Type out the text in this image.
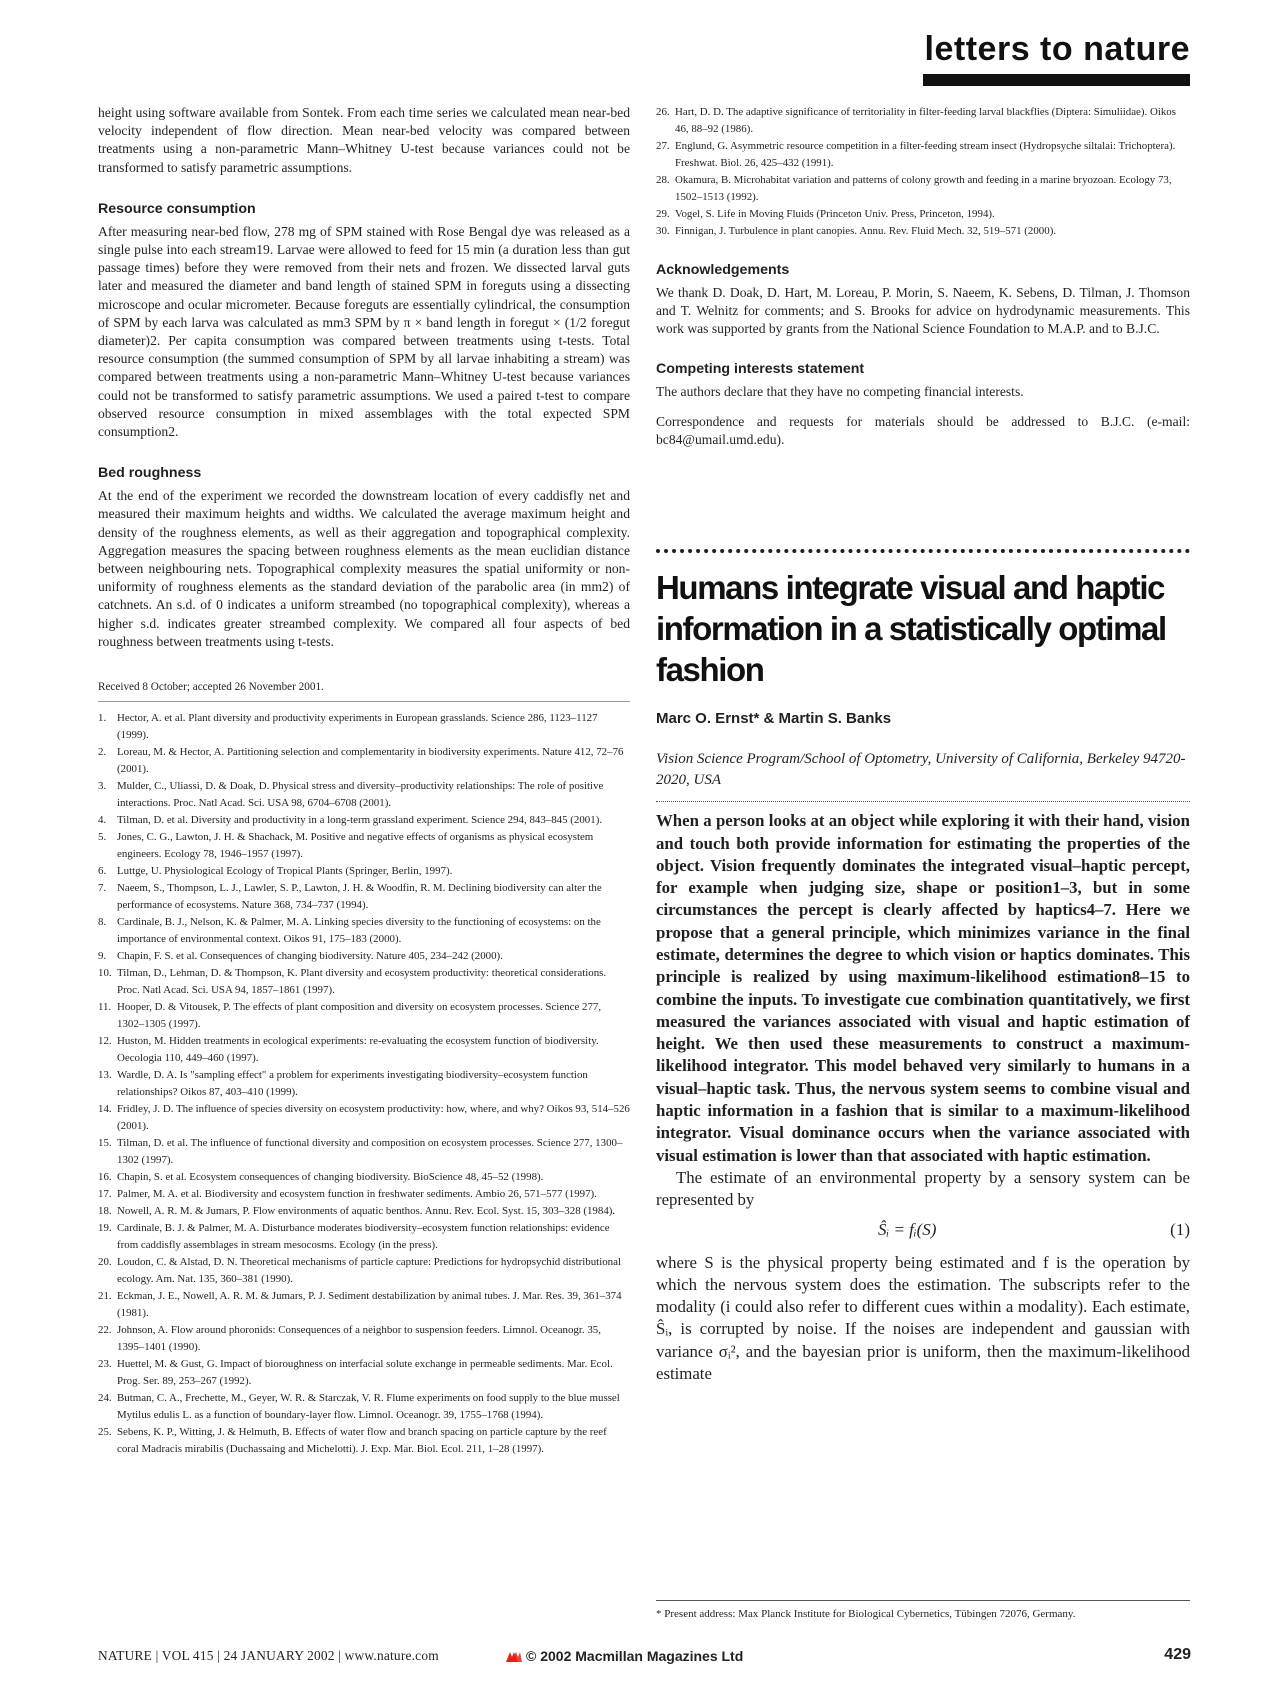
letters to nature

height using software available from Sontek. From each time series we calculated mean near-bed velocity independent of flow direction. Mean near-bed velocity was compared between treatments using a non-parametric Mann–Whitney U-test because variances could not be transformed to satisfy parametric assumptions.

Resource consumption

After measuring near-bed flow, 278 mg of SPM stained with Rose Bengal dye was released as a single pulse into each stream19. Larvae were allowed to feed for 15 min (a duration less than gut passage times) before they were removed from their nets and frozen. We dissected larval guts later and measured the diameter and band length of stained SPM in foreguts using a dissecting microscope and ocular micrometer. Because foreguts are essentially cylindrical, the consumption of SPM by each larva was calculated as mm3 SPM by π × band length in foregut × (1/2 foregut diameter)2. Per capita consumption was compared between treatments using t-tests. Total resource consumption (the summed consumption of SPM by all larvae inhabiting a stream) was compared between treatments using a non-parametric Mann–Whitney U-test because variances could not be transformed to satisfy parametric assumptions. We used a paired t-test to compare observed resource consumption in mixed assemblages with the total expected SPM consumption2.

Bed roughness

At the end of the experiment we recorded the downstream location of every caddisfly net and measured their maximum heights and widths. We calculated the average maximum height and density of the roughness elements, as well as their aggregation and topographical complexity. Aggregation measures the spacing between roughness elements as the mean euclidian distance between neighbouring nets. Topographical complexity measures the spatial uniformity or non-uniformity of roughness elements as the standard deviation of the parabolic area (in mm2) of catchnets. An s.d. of 0 indicates a uniform streambed (no topographical complexity), whereas a higher s.d. indicates greater streambed complexity. We compared all four aspects of bed roughness between treatments using t-tests.

Received 8 October; accepted 26 November 2001.

1. Hector, A. et al. Plant diversity and productivity experiments in European grasslands. Science 286, 1123–1127 (1999).
2. Loreau, M. & Hector, A. Partitioning selection and complementarity in biodiversity experiments. Nature 412, 72–76 (2001).
3. Mulder, C., Uliassi, D. & Doak, D. Physical stress and diversity–productivity relationships: The role of positive interactions. Proc. Natl Acad. Sci. USA 98, 6704–6708 (2001).
4. Tilman, D. et al. Diversity and productivity in a long-term grassland experiment. Science 294, 843–845 (2001).
5. Jones, C. G., Lawton, J. H. & Shachack, M. Positive and negative effects of organisms as physical ecosystem engineers. Ecology 78, 1946–1957 (1997).
6. Luttge, U. Physiological Ecology of Tropical Plants (Springer, Berlin, 1997).
7. Naeem, S., Thompson, L. J., Lawler, S. P., Lawton, J. H. & Woodfin, R. M. Declining biodiversity can alter the performance of ecosystems. Nature 368, 734–737 (1994).
8. Cardinale, B. J., Nelson, K. & Palmer, M. A. Linking species diversity to the functioning of ecosystems: on the importance of environmental context. Oikos 91, 175–183 (2000).
9. Chapin, F. S. et al. Consequences of changing biodiversity. Nature 405, 234–242 (2000).
10. Tilman, D., Lehman, D. & Thompson, K. Plant diversity and ecosystem productivity: theoretical considerations. Proc. Natl Acad. Sci. USA 94, 1857–1861 (1997).
11. Hooper, D. & Vitousek, P. The effects of plant composition and diversity on ecosystem processes. Science 277, 1302–1305 (1997).
12. Huston, M. Hidden treatments in ecological experiments: re-evaluating the ecosystem function of biodiversity. Oecologia 110, 449–460 (1997).
13. Wardle, D. A. Is "sampling effect" a problem for experiments investigating biodiversity–ecosystem function relationships? Oikos 87, 403–410 (1999).
14. Fridley, J. D. The influence of species diversity on ecosystem productivity: how, where, and why? Oikos 93, 514–526 (2001).
15. Tilman, D. et al. The influence of functional diversity and composition on ecosystem processes. Science 277, 1300–1302 (1997).
16. Chapin, S. et al. Ecosystem consequences of changing biodiversity. BioScience 48, 45–52 (1998).
17. Palmer, M. A. et al. Biodiversity and ecosystem function in freshwater sediments. Ambio 26, 571–577 (1997).
18. Nowell, A. R. M. & Jumars, P. Flow environments of aquatic benthos. Annu. Rev. Ecol. Syst. 15, 303–328 (1984).
19. Cardinale, B. J. & Palmer, M. A. Disturbance moderates biodiversity–ecosystem function relationships: evidence from caddisfly assemblages in stream mesocosms. Ecology (in the press).
20. Loudon, C. & Alstad, D. N. Theoretical mechanisms of particle capture: Predictions for hydropsychid distributional ecology. Am. Nat. 135, 360–381 (1990).
21. Eckman, J. E., Nowell, A. R. M. & Jumars, P. J. Sediment destabilization by animal tubes. J. Mar. Res. 39, 361–374 (1981).
22. Johnson, A. Flow around phoronids: Consequences of a neighbor to suspension feeders. Limnol. Oceanogr. 35, 1395–1401 (1990).
23. Huettel, M. & Gust, G. Impact of bioroughness on interfacial solute exchange in permeable sediments. Mar. Ecol. Prog. Ser. 89, 253–267 (1992).
24. Butman, C. A., Frechette, M., Geyer, W. R. & Starczak, V. R. Flume experiments on food supply to the blue mussel Mytilus edulis L. as a function of boundary-layer flow. Limnol. Oceanogr. 39, 1755–1768 (1994).
25. Sebens, K. P., Witting, J. & Helmuth, B. Effects of water flow and branch spacing on particle capture by the reef coral Madracis mirabilis (Duchassaing and Michelotti). J. Exp. Mar. Biol. Ecol. 211, 1–28 (1997).
26. Hart, D. D. The adaptive significance of territoriality in filter-feeding larval blackflies (Diptera: Simuliidae). Oikos 46, 88–92 (1986).
27. Englund, G. Asymmetric resource competition in a filter-feeding stream insect (Hydropsyche siltalai: Trichoptera). Freshwat. Biol. 26, 425–432 (1991).
28. Okamura, B. Microhabitat variation and patterns of colony growth and feeding in a marine bryozoan. Ecology 73, 1502–1513 (1992).
29. Vogel, S. Life in Moving Fluids (Princeton Univ. Press, Princeton, 1994).
30. Finnigan, J. Turbulence in plant canopies. Annu. Rev. Fluid Mech. 32, 519–571 (2000).
Acknowledgements

We thank D. Doak, D. Hart, M. Loreau, P. Morin, S. Naeem, K. Sebens, D. Tilman, J. Thomson and T. Welnitz for comments; and S. Brooks for advice on hydrodynamic measurements. This work was supported by grants from the National Science Foundation to M.A.P. and to B.J.C.

Competing interests statement

The authors declare that they have no competing financial interests.

Correspondence and requests for materials should be addressed to B.J.C. (e-mail: bc84@umail.umd.edu).

Humans integrate visual and haptic information in a statistically optimal fashion

Marc O. Ernst* & Martin S. Banks

Vision Science Program/School of Optometry, University of California, Berkeley 94720-2020, USA

When a person looks at an object while exploring it with their hand, vision and touch both provide information for estimating the properties of the object. Vision frequently dominates the integrated visual–haptic percept, for example when judging size, shape or position1–3, but in some circumstances the percept is clearly affected by haptics4–7. Here we propose that a general principle, which minimizes variance in the final estimate, determines the degree to which vision or haptics dominates. This principle is realized by using maximum-likelihood estimation8–15 to combine the inputs. To investigate cue combination quantitatively, we first measured the variances associated with visual and haptic estimation of height. We then used these measurements to construct a maximum-likelihood integrator. This model behaved very similarly to humans in a visual–haptic task. Thus, the nervous system seems to combine visual and haptic information in a fashion that is similar to a maximum-likelihood integrator. Visual dominance occurs when the variance associated with visual estimation is lower than that associated with haptic estimation.

The estimate of an environmental property by a sensory system can be represented by

Ŝᵢ = fᵢ(S)	(1)

where S is the physical property being estimated and f is the operation by which the nervous system does the estimation. The subscripts refer to the modality (i could also refer to different cues within a modality). Each estimate, Ŝᵢ, is corrupted by noise. If the noises are independent and gaussian with variance σᵢ², and the bayesian prior is uniform, then the maximum-likelihood estimate

* Present address: Max Planck Institute for Biological Cybernetics, Tübingen 72076, Germany.
NATURE | VOL 415 | 24 JANUARY 2002 | www.nature.com	© 2002 Macmillan Magazines Ltd	429
